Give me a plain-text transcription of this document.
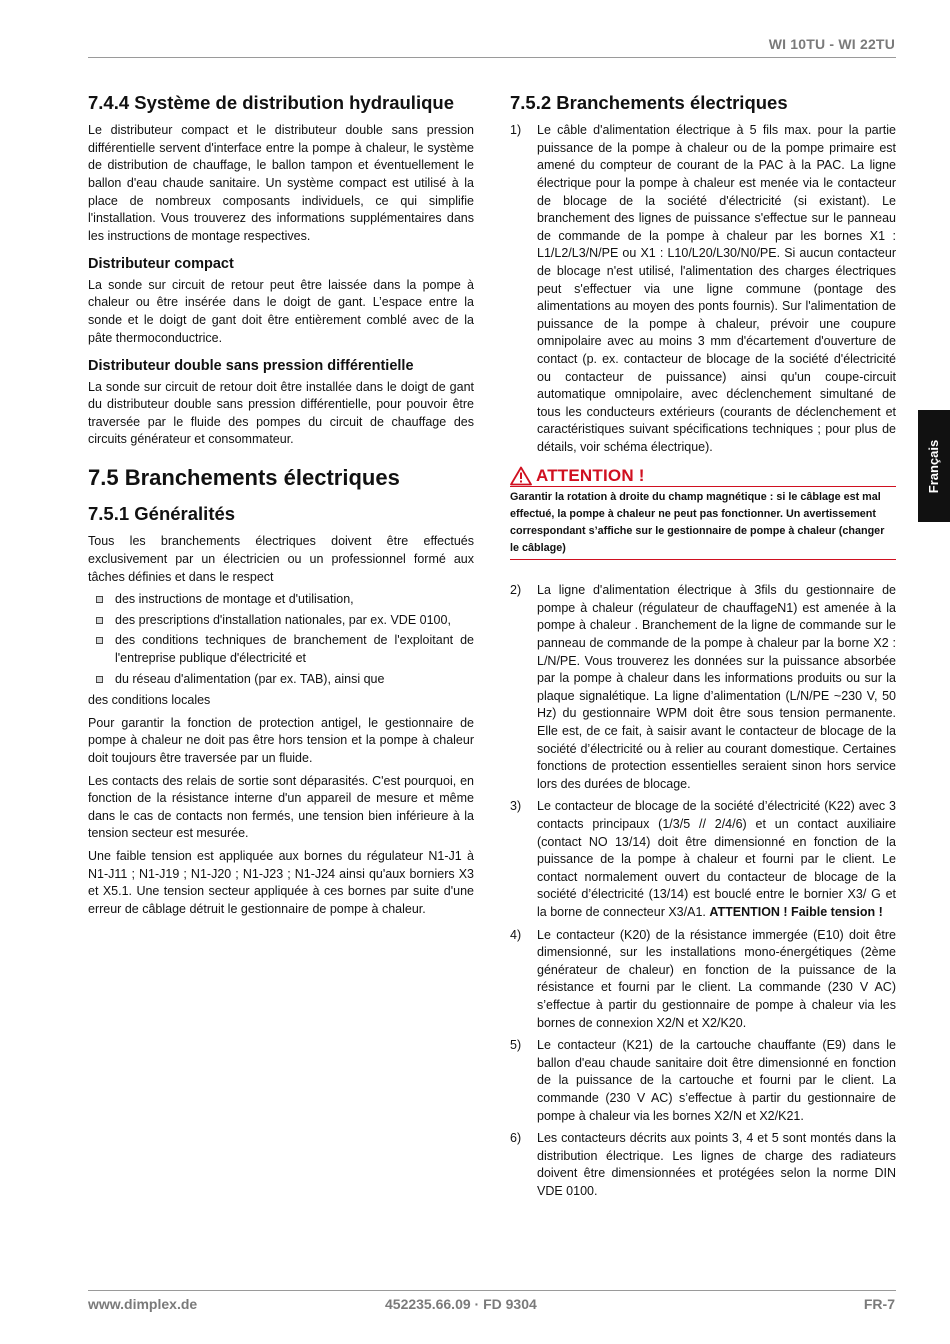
WI 10TU - WI 22TU
7.4.4 Système de distribution hydraulique

Le distributeur compact et le distributeur double sans pression différentielle servent d'interface entre la pompe à chaleur, le système de distribution de chauffage, le ballon tampon et éventuellement le ballon d'eau chaude sanitaire. Un système compact est utilisé à la place de nombreux composants individuels, ce qui simplifie l'installation. Vous trouverez des informations supplémentaires dans les instructions de montage respectives.

Distributeur compact

La sonde sur circuit de retour peut être laissée dans la pompe à chaleur ou être insérée dans le doigt de gant. L’espace entre la sonde et le doigt de gant doit être entièrement comblé avec de la pâte thermoconductrice.

Distributeur double sans pression différentielle

La sonde sur circuit de retour doit être installée dans le doigt de gant du distributeur double sans pression différentielle, pour pouvoir être traversée par le fluide des pompes du circuit de chauffage des circuits générateur et consommateur.

7.5 Branchements électriques
7.5.1 Généralités

Tous les branchements électriques doivent être effectués exclusivement par un électricien ou un professionnel formé aux tâches définies et dans le respect

des instructions de montage et d'utilisation,
des prescriptions d'installation nationales, par ex. VDE 0100,
des conditions techniques de branchement de l'exploitant de l'entreprise publique d'électricité et
du réseau d'alimentation (par ex. TAB), ainsi que

des conditions locales

Pour garantir la fonction de protection antigel, le gestionnaire de pompe à chaleur ne doit pas être hors tension et la pompe à chaleur doit toujours être traversée par un fluide.

Les contacts des relais de sortie sont déparasités. C'est pourquoi, en fonction de la résistance interne d'un appareil de mesure et même dans le cas de contacts non fermés, une tension bien inférieure à la tension secteur est mesurée.

Une faible tension est appliquée aux bornes du régulateur N1-J1 à N1-J11 ; N1-J19 ; N1-J20 ; N1-J23 ; N1-J24 ainsi qu'aux borniers X3 et X5.1. Une tension secteur appliquée à ces bornes par suite d'une erreur de câblage détruit le gestionnaire de pompe à chaleur.

7.5.2 Branchements électriques
1) Le câble d'alimentation électrique à 5 fils max. pour la partie puissance de la pompe à chaleur ou de la pompe primaire est amené du compteur de courant de la PAC à la PAC. La ligne électrique pour la pompe à chaleur est menée via le contacteur de blocage de la société d'électricité (si existant). Le branchement des lignes de puissance s'effectue sur le panneau de commande de la pompe à chaleur par les bornes X1 : L1/L2/L3/N/PE ou X1 : L10/L20/L30/N0/PE. Si aucun contacteur de blocage n'est utilisé, l'alimentation des charges électriques peut s'effectuer via une ligne commune (pontage des alimentations au moyen des ponts fournis). Sur l'alimentation de puissance de la pompe à chaleur, prévoir une coupure omnipolaire avec au moins 3 mm d'écartement d'ouverture de contact (p. ex. contacteur de blocage de la société d'électricité ou contacteur de puissance) ainsi qu'un coupe-circuit automatique omnipolaire, avec déclenchement simultané de tous les conducteurs extérieurs (courants de déclenchement et caractéristiques suivant spécifications techniques ; pour plus de détails, voir schéma électrique).
ATTENTION !
Garantir la rotation à droite du champ magnétique : si le câblage est mal effectué, la pompe à chaleur ne peut pas fonctionner. Un avertissement correspondant s’affiche sur le gestionnaire de pompe à chaleur (changer le câblage)
2) La ligne d'alimentation électrique à 3fils du gestionnaire de pompe à chaleur (régulateur de chauffageN1) est amenée à la pompe à chaleur . Branchement de la ligne de commande sur le panneau de commande de la pompe à chaleur par la borne X2 : L/N/PE. Vous trouverez les données sur la puissance absorbée par la pompe à chaleur dans les informations produits ou sur la plaque signalétique. La ligne d’alimentation (L/N/PE ~230 V, 50 Hz) du gestionnaire WPM doit être sous tension permanente. Elle est, de ce fait, à saisir avant le contacteur de blocage de la société d’électricité ou à relier au courant domestique. Certaines fonctions de protection essentielles seraient sinon hors service lors des durées de blocage.
3) Le contacteur de blocage de la société d’électricité (K22) avec 3 contacts principaux (1/3/5 // 2/4/6) et un contact auxiliaire (contact NO 13/14) doit être dimensionné en fonction de la puissance de la pompe à chaleur et fourni par le client. Le contact normalement ouvert du contacteur de blocage de la société d’électricité (13/14) est bouclé entre le bornier X3/ G et la borne de connecteur X3/A1. ATTENTION ! Faible tension !
4) Le contacteur (K20) de la résistance immergée (E10) doit être dimensionné, sur les installations mono-énergétiques (2ème générateur de chaleur) en fonction de la puissance de la résistance et fourni par le client. La commande (230 V AC) s’effectue à partir du gestionnaire de pompe à chaleur via les bornes de connexion X2/N et X2/K20.
5) Le contacteur (K21) de la cartouche chauffante (E9) dans le ballon d'eau chaude sanitaire doit être dimensionné en fonction de la puissance de la cartouche et fourni par le client. La commande (230 V AC) s’effectue à partir du gestionnaire de pompe à chaleur via les bornes X2/N et X2/K21.
6) Les contacteurs décrits aux points 3, 4 et 5 sont montés dans la distribution électrique. Les lignes de charge des radiateurs doivent être dimensionnées et protégées selon la norme DIN VDE 0100.
Français
www.dimplex.de	452235.66.09 · FD 9304	FR-7
